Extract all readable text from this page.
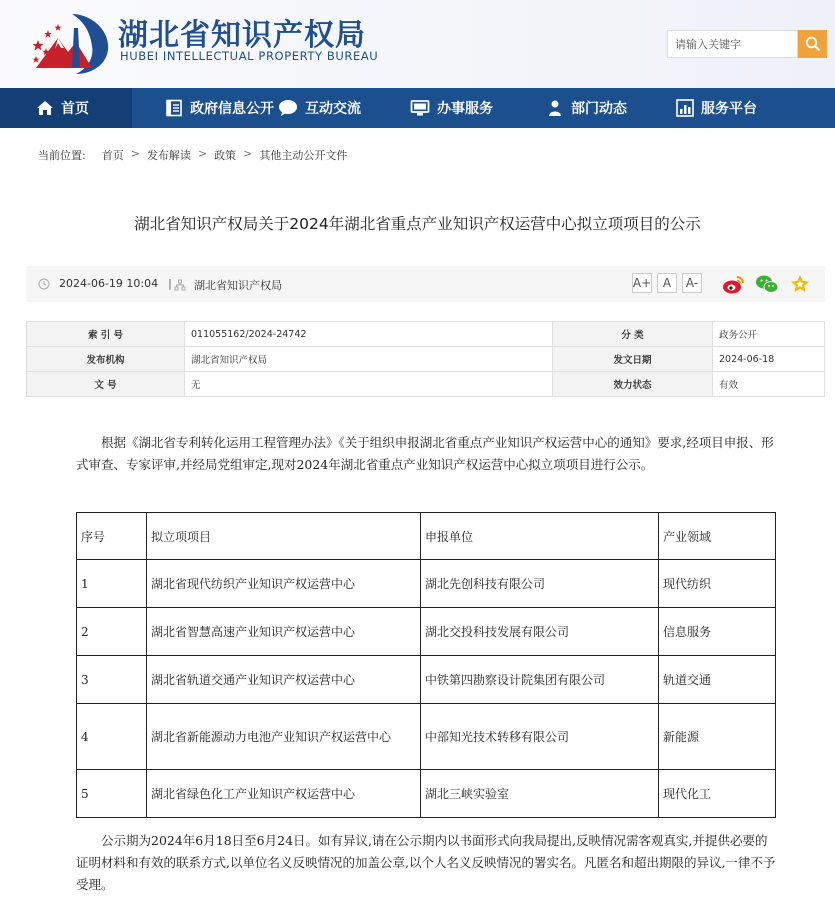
湖北省知识产权局
HUBEI INTELLECTUAL PROPERTY BUREAU
请输入关键字
首页	政府信息公开 互动交流	办事服务	部门动态	服务平台
当前位置: 首页 > 发布解读 > 政策 > 其他主动公开文件
湖北省知识产权局关于2024年湖北省重点产业知识产权运营中心拟立项项目的公示
2024-06-19 10:04 | 湖北省知识产权局	A+ A	A-
索 引 号	011055162/2024-24742	分 类	政务公开
发布机构	湖北省知识产权局	发文日期	2024-06-18
文 号	无	效力状态	有效

根据《湖北省专利转化运用工程管理办法》《关于组织申报湖北省重点产业知识产权运营中心的通知》要求,经项目申报、形式审查、专家评审,并经局党组审定,现对2024年湖北省重点产业知识产权运营中心拟立项项目进行公示。

序号	拟立项项目	申报单位	产业领域
1	湖北省现代纺织产业知识产权运营中心	湖北先创科技有限公司	现代纺织
2	湖北省智慧高速产业知识产权运营中心	湖北交投科技发展有限公司	信息服务
3	湖北省轨道交通产业知识产权运营中心	中铁第四勘察设计院集团有限公司	轨道交通
4	湖北省新能源动力电池产业知识产权运营中心	中部知光技术转移有限公司	新能源
5	湖北省绿色化工产业知识产权运营中心	湖北三峡实验室	现代化工

公示期为2024年6月18日至6月24日。如有异议,请在公示期内以书面形式向我局提出,反映情况需客观真实,并提供必要的证明材料和有效的联系方式,以单位名义反映情况的加盖公章,以个人名义反映情况的署实名。凡匿名和超出期限的异议,一律不予受理。
